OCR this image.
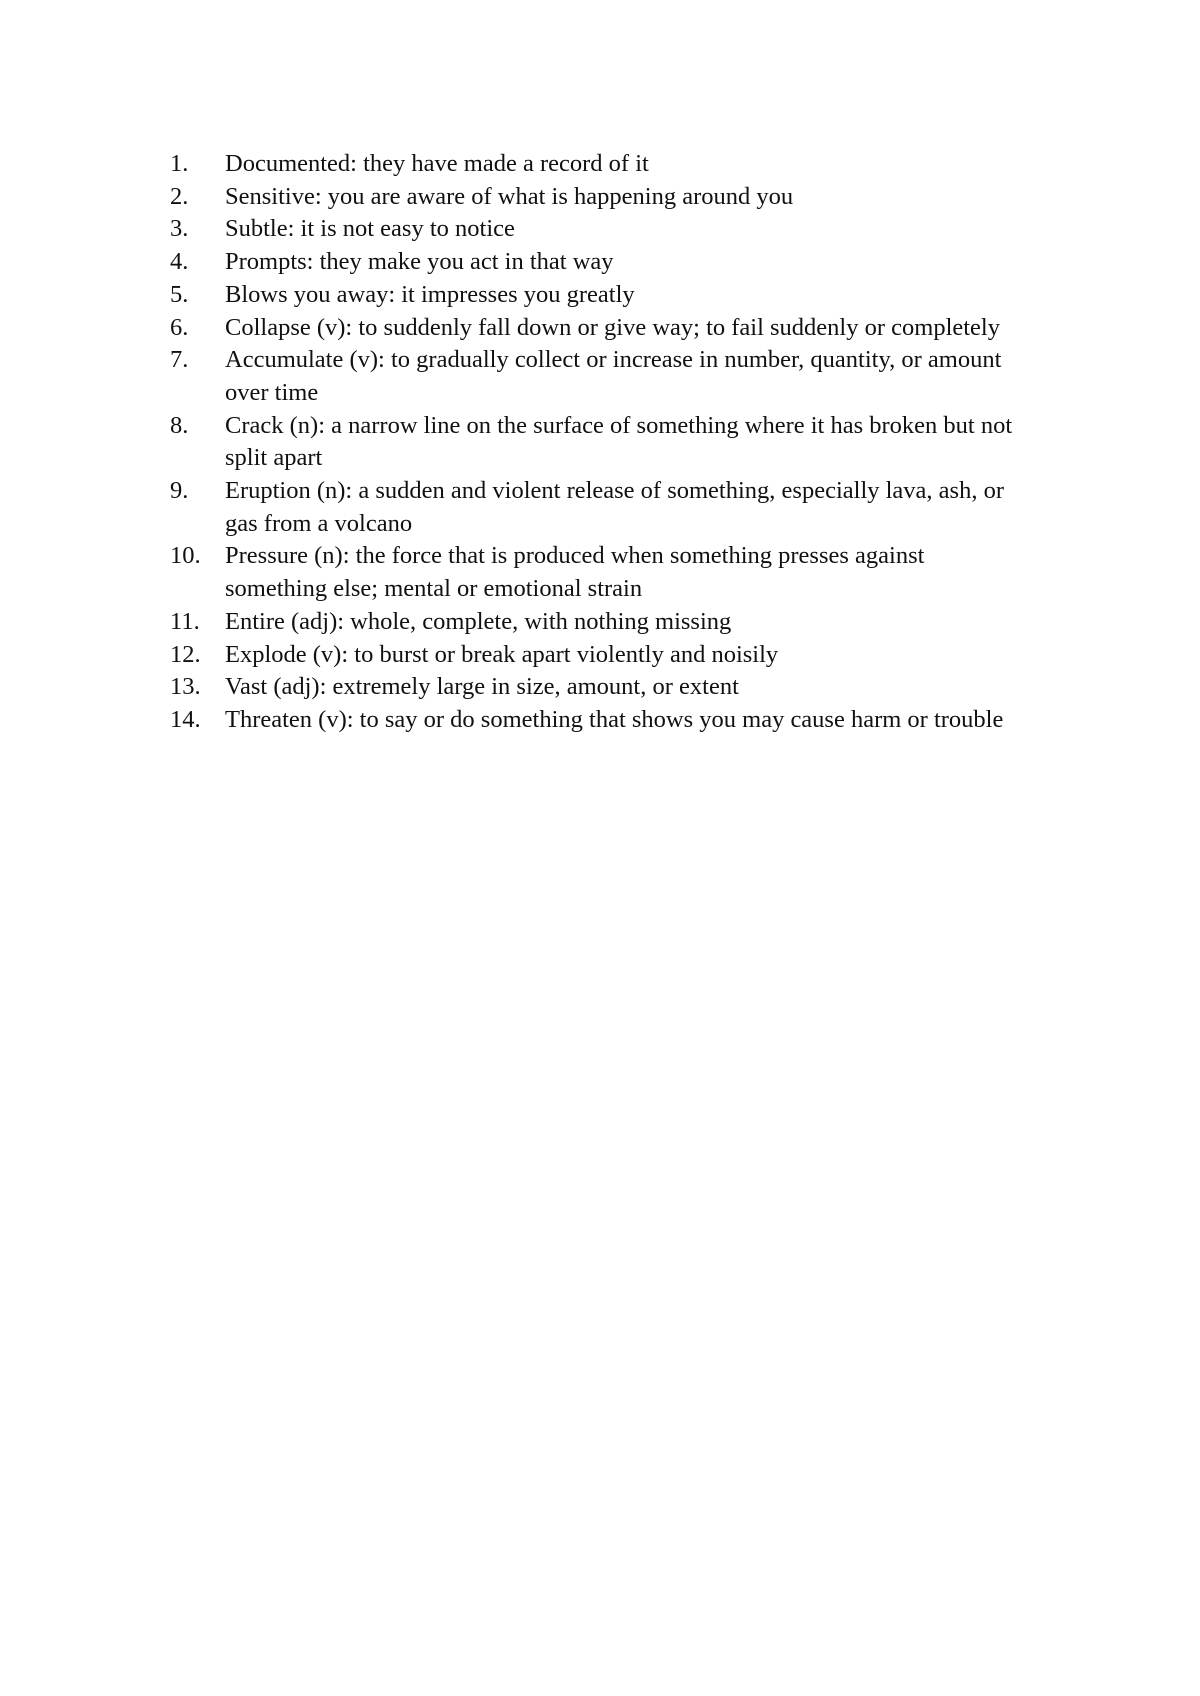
1.	Documented: they have made a record of it
2.	Sensitive: you are aware of what is happening around you
3.	Subtle: it is not easy to notice
4.	Prompts: they make you act in that way
5.	Blows you away: it impresses you greatly
6.	Collapse (v): to suddenly fall down or give way; to fail suddenly or completely
7.	Accumulate (v): to gradually collect or increase in number, quantity, or amount over time
8.	Crack (n): a narrow line on the surface of something where it has broken but not split apart
9.	Eruption (n): a sudden and violent release of something, especially lava, ash, or gas from a volcano
10. Pressure (n): the force that is produced when something presses against something else; mental or emotional strain
11.	Entire (adj): whole, complete, with nothing missing
12. Explode (v): to burst or break apart violently and noisily
13. Vast (adj): extremely large in size, amount, or extent
14. Threaten (v): to say or do something that shows you may cause harm or trouble
